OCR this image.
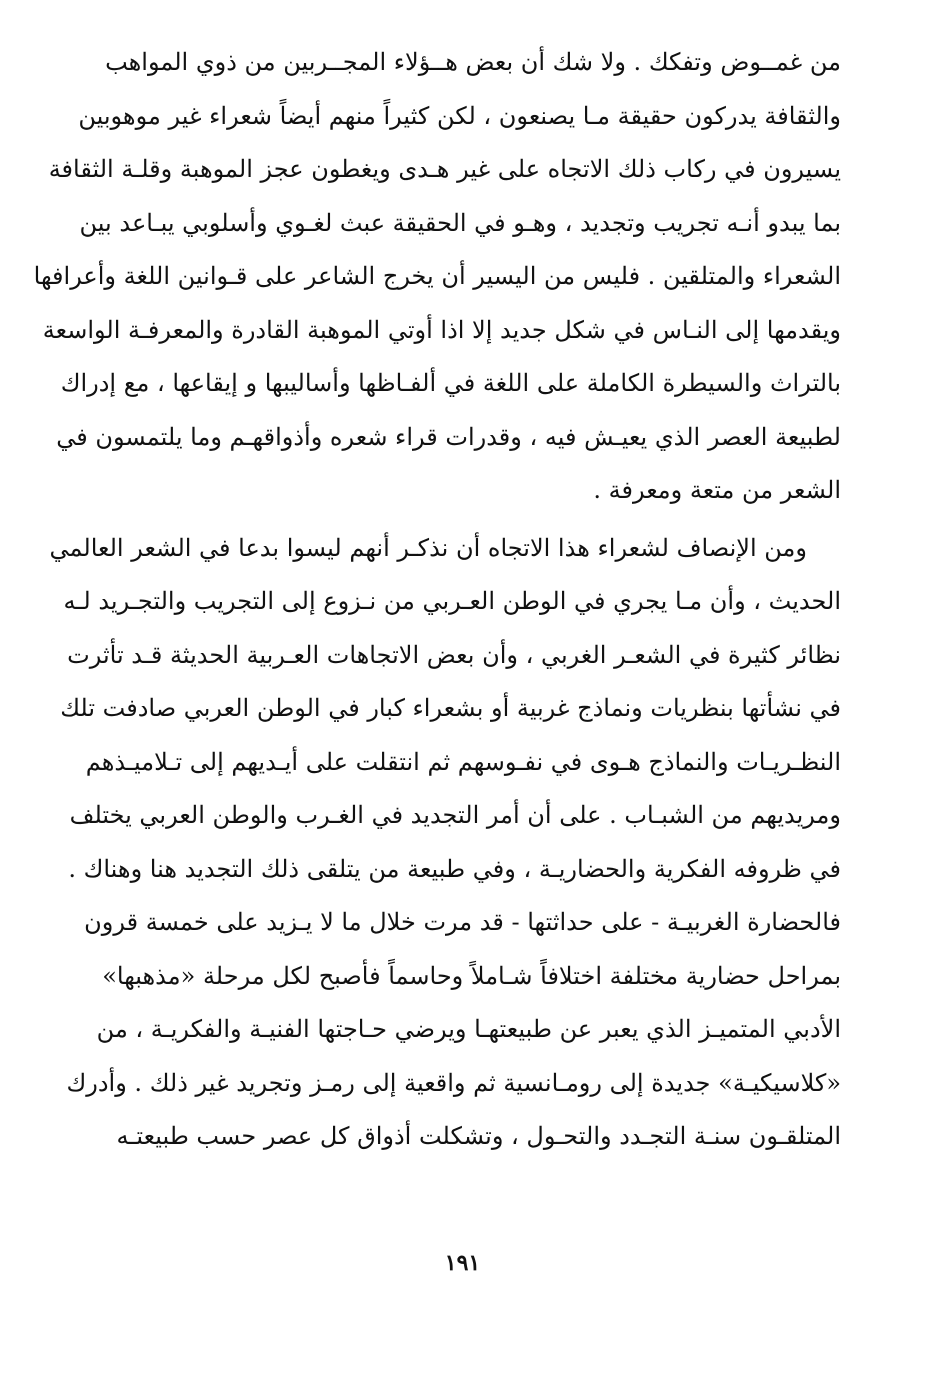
من غمــوض وتفكك . ولا شك أن بعض هــؤلاء المجــربين من ذوي المواهب
والثقافة يدركون حقيقة مـا يصنعون ، لكن كثيراً منهم أيضاً شعراء غير موهوبين
يسيرون في ركاب ذلك الاتجاه على غير هـدى ويغطون عجز الموهبة وقلـة الثقافة
بما يبدو أنـه تجريب وتجديد ، وهـو في الحقيقة عبث لغـوي وأسلوبي يبـاعد بين
الشعراء والمتلقين . فليس من اليسير أن يخرج الشاعر على قـوانين اللغة وأعرافها
ويقدمها إلى النـاس في شكل جديد إلا اذا أوتي الموهبة القادرة والمعرفـة الواسعة
بالتراث والسيطرة الكاملة على اللغة في ألفـاظها وأساليبها و إيقاعها ، مع إدراك
لطبيعة العصر الذي يعيـش فيه ، وقدرات قراء شعره وأذواقهـم وما يلتمسون في
الشعر من متعة ومعرفة .
ومن الإنصاف لشعراء هذا الاتجاه أن نذكـر أنهم ليسوا بدعا في الشعر العالمي
الحديث ، وأن مـا يجري في الوطن العـربي من نـزوع إلى التجريب والتجـريد لـه
نظائر كثيرة في الشعـر الغربي ، وأن بعض الاتجاهات العـربية الحديثة قـد تأثرت
في نشأتها بنظريات ونماذج غربية أو بشعراء كبار في الوطن العربي صادفت تلك
النظـريـات والنماذج هـوى في نفـوسهم ثم انتقلت على أيـديهم إلى تـلاميـذهم
ومريديهم من الشبـاب . على أن أمر التجديد في الغـرب والوطن العربي يختلف
في ظروفه الفكرية والحضاريـة ، وفي طبيعة من يتلقى ذلك التجديد هنا وهناك .
فالحضارة الغربيـة - على حداثتها - قد مرت خلال ما لا يـزيد على خمسة قرون
بمراحل حضارية مختلفة اختلافاً شـاملاً وحاسماً فأصبح لكل مرحلة «مذهبها»
الأدبي المتميـز الذي يعبر عن طبيعتهـا ويرضي حـاجتها الفنيـة والفكريـة ، من
«كلاسيكيـة» جديدة إلى رومـانسية ثم واقعية إلى رمـز وتجريد غير ذلك . وأدرك
المتلقـون سنـة التجـدد والتحـول ، وتشكلت أذواق كل عصر حسب طبيعتـه
١٩١
